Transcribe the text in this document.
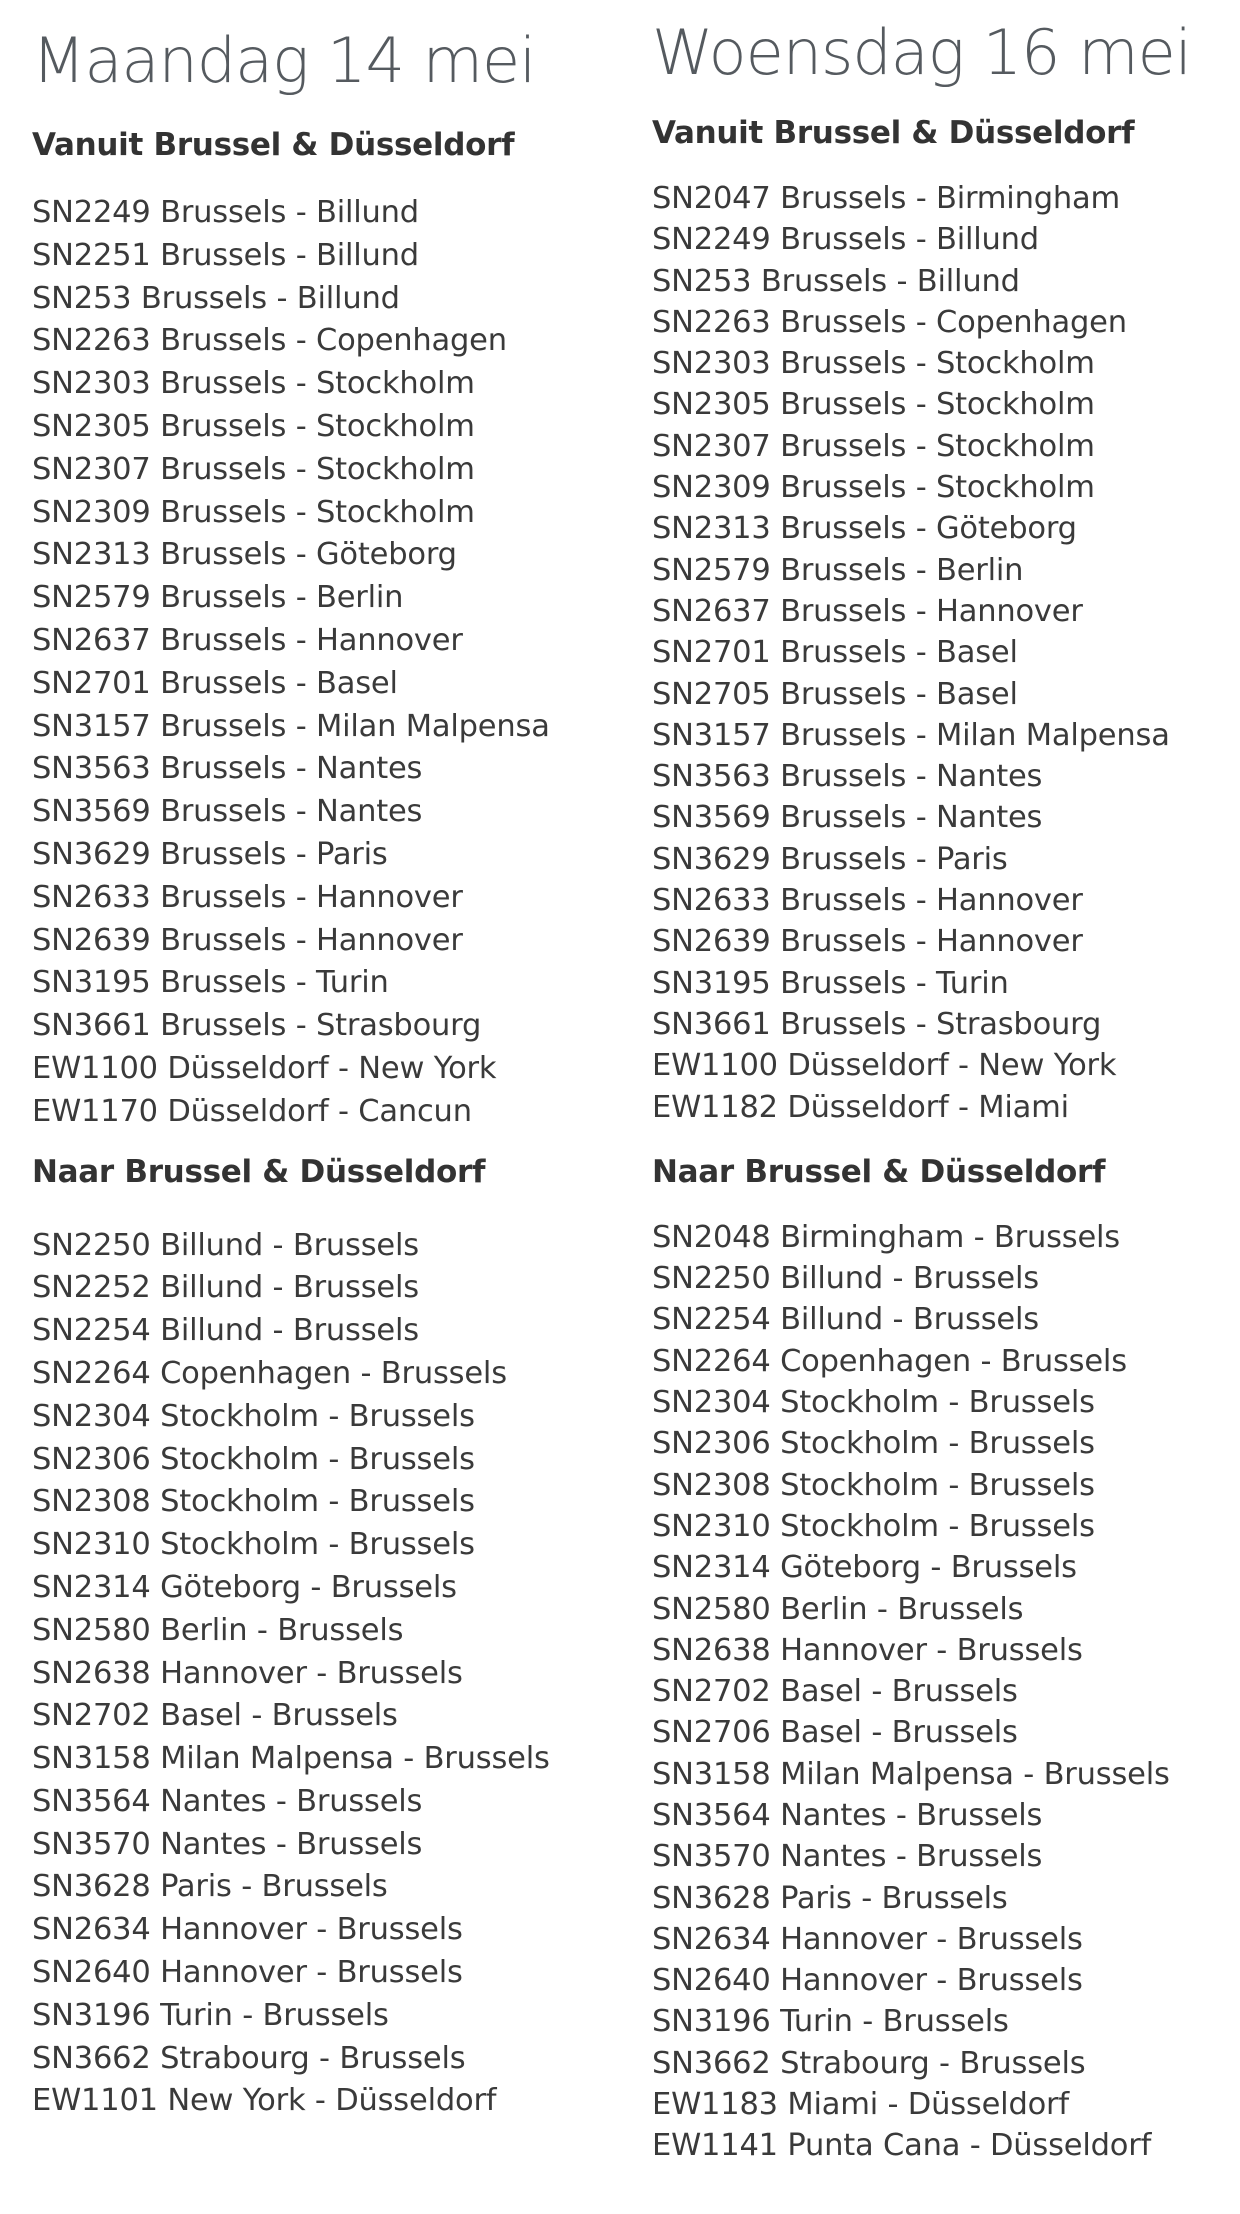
Maandag 14 mei
Vanuit Brussel & Düsseldorf
SN2249 Brussels - Billund
SN2251 Brussels - Billund
SN253 Brussels - Billund
SN2263 Brussels - Copenhagen
SN2303 Brussels - Stockholm
SN2305 Brussels - Stockholm
SN2307 Brussels - Stockholm
SN2309 Brussels - Stockholm
SN2313 Brussels - Göteborg
SN2579 Brussels - Berlin
SN2637 Brussels - Hannover
SN2701 Brussels - Basel
SN3157 Brussels - Milan Malpensa
SN3563 Brussels - Nantes
SN3569 Brussels - Nantes
SN3629 Brussels - Paris
SN2633 Brussels - Hannover
SN2639 Brussels - Hannover
SN3195 Brussels - Turin
SN3661 Brussels - Strasbourg
EW1100 Düsseldorf - New York
EW1170 Düsseldorf - Cancun
Naar Brussel & Düsseldorf
SN2250 Billund - Brussels
SN2252 Billund - Brussels
SN2254 Billund - Brussels
SN2264 Copenhagen - Brussels
SN2304 Stockholm - Brussels
SN2306 Stockholm - Brussels
SN2308 Stockholm - Brussels
SN2310 Stockholm - Brussels
SN2314 Göteborg - Brussels
SN2580 Berlin - Brussels
SN2638 Hannover - Brussels
SN2702 Basel - Brussels
SN3158 Milan Malpensa - Brussels
SN3564 Nantes - Brussels
SN3570 Nantes - Brussels
SN3628 Paris - Brussels
SN2634 Hannover - Brussels
SN2640 Hannover - Brussels
SN3196 Turin - Brussels
SN3662 Strabourg - Brussels
EW1101 New York - Düsseldorf
Woensdag 16 mei
Vanuit Brussel & Düsseldorf
SN2047 Brussels - Birmingham
SN2249 Brussels - Billund
SN253 Brussels - Billund
SN2263 Brussels - Copenhagen
SN2303 Brussels - Stockholm
SN2305 Brussels - Stockholm
SN2307 Brussels - Stockholm
SN2309 Brussels - Stockholm
SN2313 Brussels - Göteborg
SN2579 Brussels - Berlin
SN2637 Brussels - Hannover
SN2701 Brussels - Basel
SN2705 Brussels - Basel
SN3157 Brussels - Milan Malpensa
SN3563 Brussels - Nantes
SN3569 Brussels - Nantes
SN3629 Brussels - Paris
SN2633 Brussels - Hannover
SN2639 Brussels - Hannover
SN3195 Brussels - Turin
SN3661 Brussels - Strasbourg
EW1100 Düsseldorf - New York
EW1182 Düsseldorf - Miami
Naar Brussel & Düsseldorf
SN2048 Birmingham - Brussels
SN2250 Billund - Brussels
SN2254 Billund - Brussels
SN2264 Copenhagen - Brussels
SN2304 Stockholm - Brussels
SN2306 Stockholm - Brussels
SN2308 Stockholm - Brussels
SN2310 Stockholm - Brussels
SN2314 Göteborg - Brussels
SN2580 Berlin - Brussels
SN2638 Hannover - Brussels
SN2702 Basel - Brussels
SN2706 Basel - Brussels
SN3158 Milan Malpensa - Brussels
SN3564 Nantes - Brussels
SN3570 Nantes - Brussels
SN3628 Paris - Brussels
SN2634 Hannover - Brussels
SN2640 Hannover - Brussels
SN3196 Turin - Brussels
SN3662 Strabourg - Brussels
EW1183 Miami - Düsseldorf
EW1141 Punta Cana - Düsseldorf
